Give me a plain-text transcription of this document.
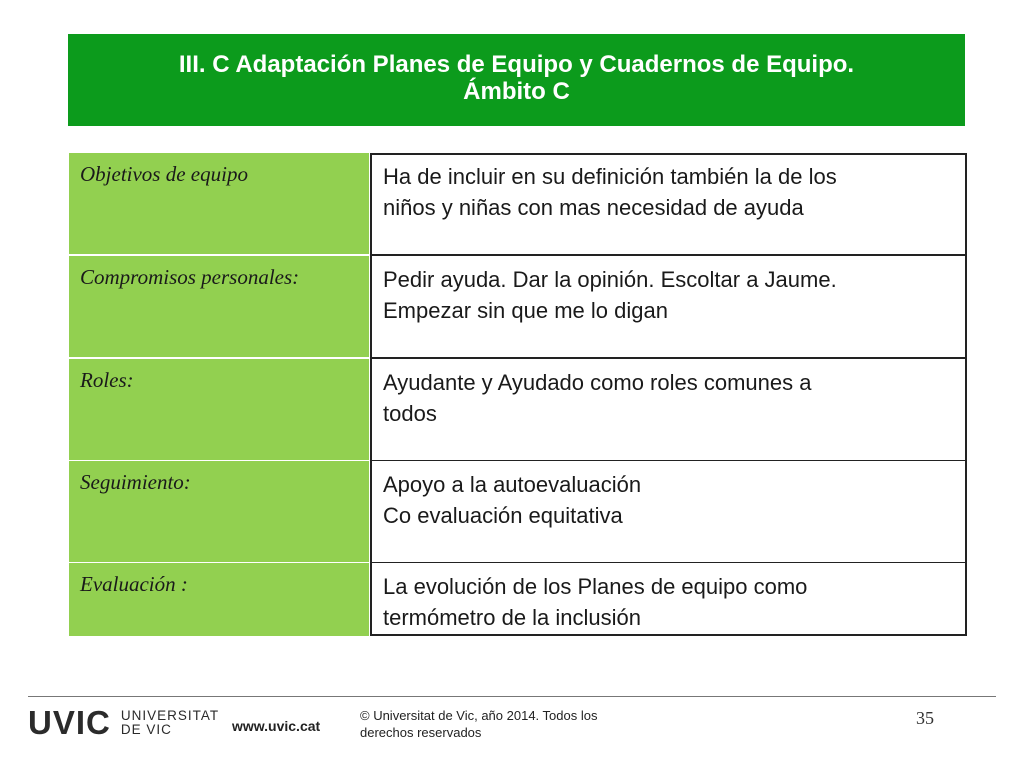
III. C Adaptación Planes de Equipo y Cuadernos de Equipo.
Ámbito C
Objetivos de equipo	Ha de incluir en su definición también la de los
niños y niñas con mas necesidad de ayuda
Compromisos personales:	Pedir ayuda. Dar la opinión. Escoltar a Jaume.
Empezar sin que me lo digan
Roles:	Ayudante y Ayudado como roles comunes a
todos
Seguimiento:	Apoyo a la autoevaluación
Co evaluación equitativa
Evaluación :	La evolución de los Planes de equipo como
termómetro de la inclusión
UVIC UNIVERSITAT
DE VIC	www.uvic.cat
© Universitat de Vic, año 2014. Todos los
derechos reservados
35
